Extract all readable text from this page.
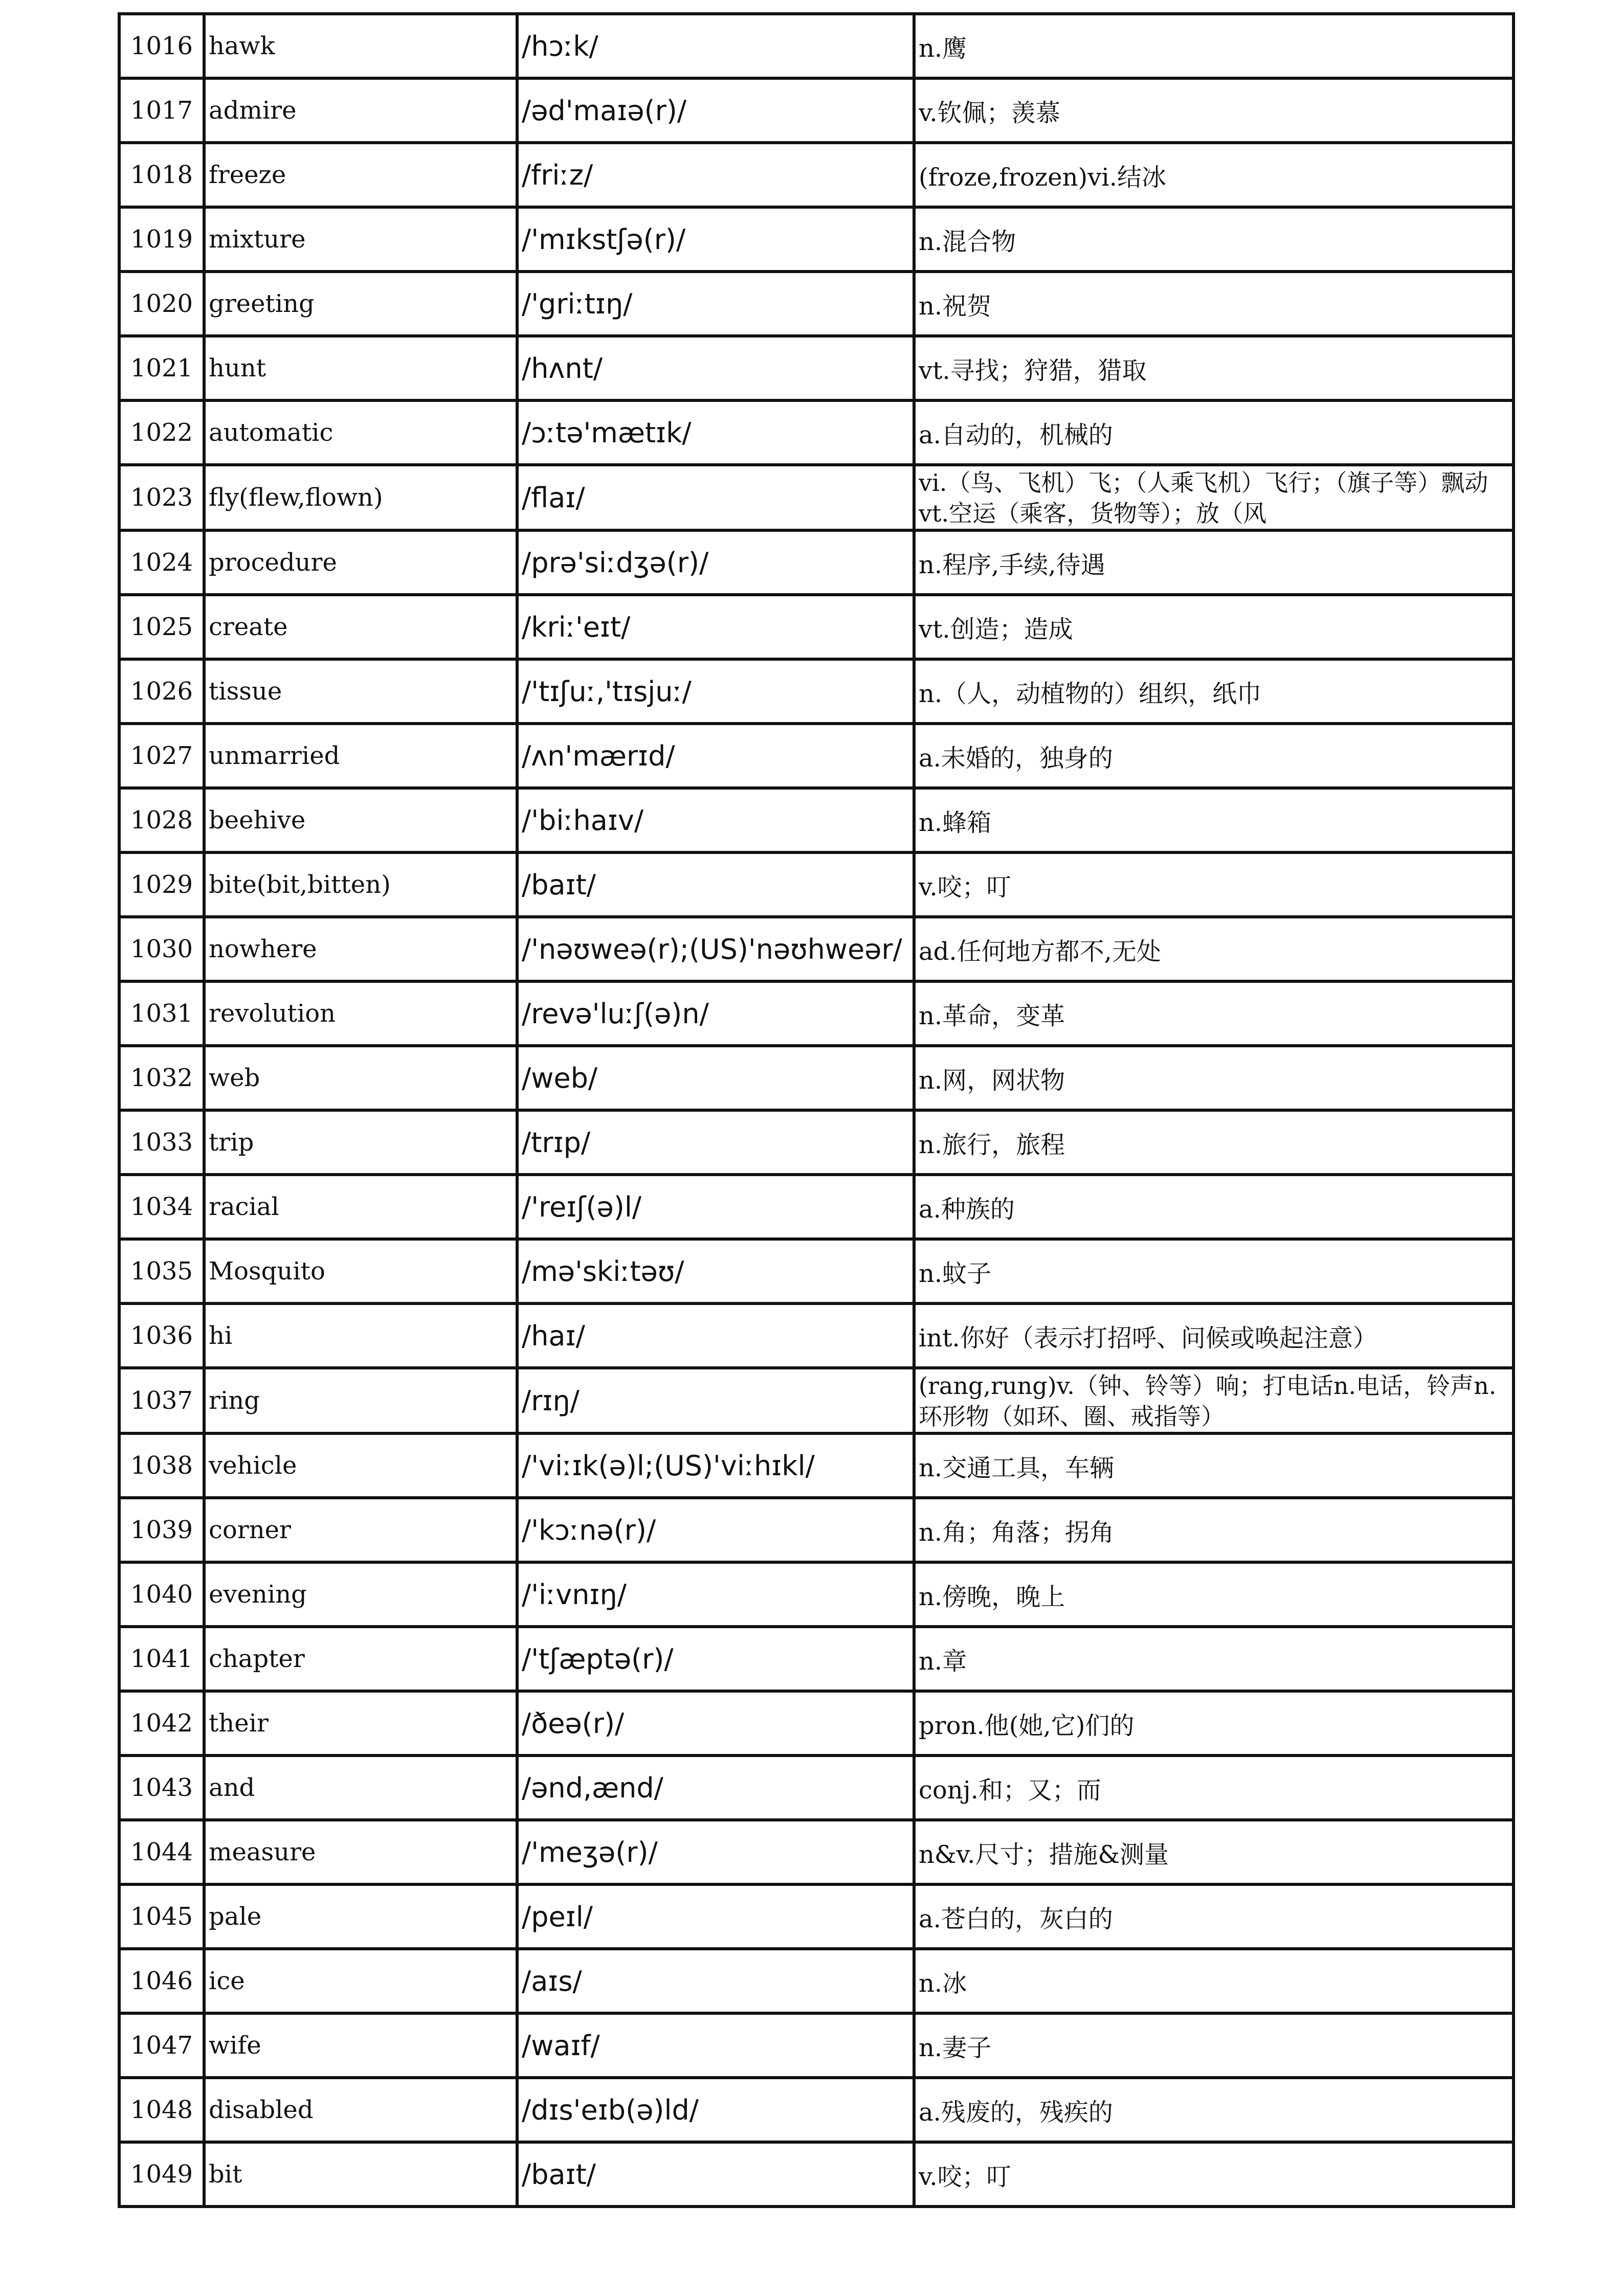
1016	hawk	/hɔːk/	n.鹰
1017	admire	/əd'maɪə(r)/	v.钦佩；羡慕
1018	freeze	/friːz/	(froze,frozen)vi.结冰
1019	mixture	/'mɪkstʃə(r)/	n.混合物
1020	greeting	/'griːtɪŋ/	n.祝贺
1021	hunt	/hʌnt/	vt.寻找；狩猎，猎取
1022	automatic	/ɔːtə'mætɪk/	a.自动的，机械的
1023	fly(flew,flown)	/flaɪ/	vi.（鸟、飞机）飞；（人乘飞机）飞行；（旗子等）飘动vt.空运（乘客，货物等）；放（风
1024	procedure	/prə'siːdʒə(r)/	n.程序,手续,待遇
1025	create	/kriː'eɪt/	vt.创造；造成
1026	tissue	/'tɪʃuː,'tɪsjuː/	n.（人，动植物的）组织，纸巾
1027	unmarried	/ʌn'mærɪd/	a.未婚的，独身的
1028	beehive	/'biːhaɪv/	n.蜂箱
1029	bite(bit,bitten)	/baɪt/	v.咬；叮
1030	nowhere	/'nəʊweə(r);(US)'nəʊhweər/	ad.任何地方都不,无处
1031	revolution	/revə'luːʃ(ə)n/	n.革命，变革
1032	web	/web/	n.网，网状物
1033	trip	/trɪp/	n.旅行，旅程
1034	racial	/'reɪʃ(ə)l/	a.种族的
1035	Mosquito	/mə'skiːtəʊ/	n.蚊子
1036	hi	/haɪ/	int.你好（表示打招呼、问候或唤起注意）
1037	ring	/rɪŋ/	(rang,rung)v.（钟、铃等）响；打电话n.电话，铃声n.环形物（如环、圈、戒指等）
1038	vehicle	/'viːɪk(ə)l;(US)'viːhɪkl/	n.交通工具，车辆
1039	corner	/'kɔːnə(r)/	n.角；角落；拐角
1040	evening	/'iːvnɪŋ/	n.傍晚，晚上
1041	chapter	/'tʃæptə(r)/	n.章
1042	their	/ðeə(r)/	pron.他(她,它)们的
1043	and	/ənd,ænd/	conj.和；又；而
1044	measure	/'meʒə(r)/	n&v.尺寸；措施&测量
1045	pale	/peɪl/	a.苍白的，灰白的
1046	ice	/aɪs/	n.冰
1047	wife	/waɪf/	n.妻子
1048	disabled	/dɪs'eɪb(ə)ld/	a.残废的，残疾的
1049	bit	/baɪt/	v.咬；叮
